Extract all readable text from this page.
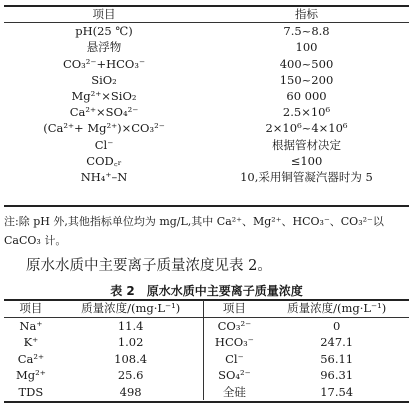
项目	指标
pH(25 ℃)	7.5~8.8
悬浮物	100
CO₃²⁻+HCO₃⁻	400~500
SiO₂	150~200
Mg²⁺×SiO₂	60 000
Ca²⁺×SO₄²⁻	2.5×10⁶
(Ca²⁺+ Mg²⁺)×CO₃²⁻	2×10⁶~4×10⁶
Cl⁻	根据管材决定
COD꜀ᵣ	≤100
NH₄⁺–N	10,采用铜管凝汽器时为 5
注:除 pH 外,其他指标单位均为 mg/L,其中 Ca²⁺、Mg²⁺、HCO₃⁻、CO₃²⁻以 CaCO₃ 计。
原水水质中主要离子质量浓度见表 2。
表 2　原水水质中主要离子质量浓度
项目	质量浓度/(mg·L⁻¹)	项目	质量浓度/(mg·L⁻¹)
Na⁺	11.4	CO₃²⁻	0
K⁺	1.02	HCO₃⁻	247.1
Ca²⁺	108.4	Cl⁻	56.11
Mg²⁺	25.6	SO₄²⁻	96.31
TDS	498	全硅	17.54
